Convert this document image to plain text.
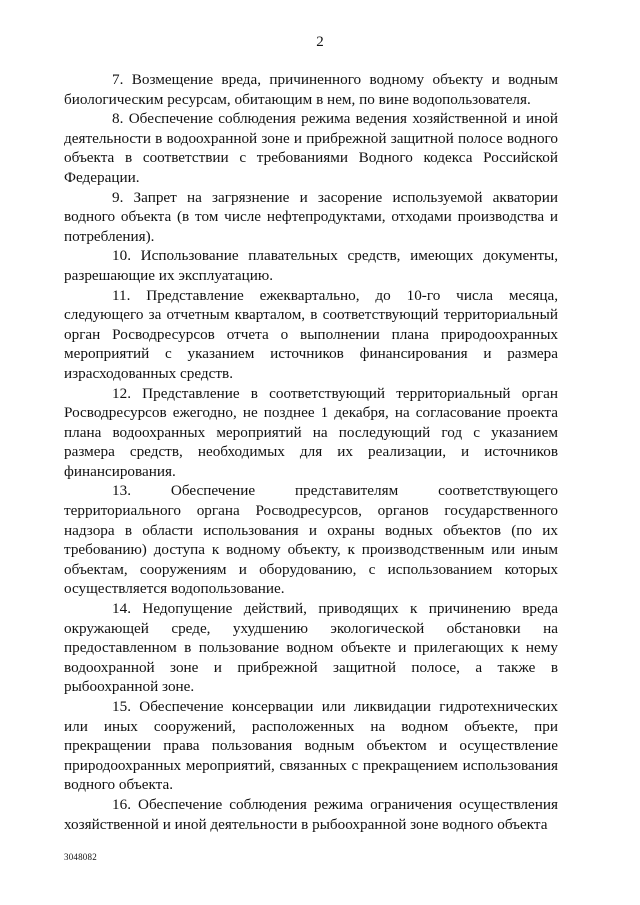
2

7. Возмещение вреда, причиненного водному объекту и водным биологическим ресурсам, обитающим в нем, по вине водопользователя.

8. Обеспечение соблюдения режима ведения хозяйственной и иной деятельности в водоохранной зоне и прибрежной защитной полосе водного объекта в соответствии с требованиями Водного кодекса Российской Федерации.

9. Запрет на загрязнение и засорение используемой акватории водного объекта (в том числе нефтепродуктами, отходами производства и потребления).

10. Использование плавательных средств, имеющих документы, разрешающие их эксплуатацию.

11. Представление ежеквартально, до 10-го числа месяца, следующего за отчетным кварталом, в соответствующий территориальный орган Росводресурсов отчета о выполнении плана природоохранных мероприятий с указанием источников финансирования и размера израсходованных средств.

12. Представление в соответствующий территориальный орган Росводресурсов ежегодно, не позднее 1 декабря, на согласование проекта плана водоохранных мероприятий на последующий год с указанием размера средств, необходимых для их реализации, и источников финансирования.

13. Обеспечение представителям соответствующего территориального органа Росводресурсов, органов государственного надзора в области использования и охраны водных объектов (по их требованию) доступа к водному объекту, к производственным или иным объектам, сооружениям и оборудованию, с использованием которых осуществляется водопользование.

14. Недопущение действий, приводящих к причинению вреда окружающей среде, ухудшению экологической обстановки на предоставленном в пользование водном объекте и прилегающих к нему водоохранной зоне и прибрежной защитной полосе, а также в рыбоохранной зоне.

15. Обеспечение консервации или ликвидации гидротехнических или иных сооружений, расположенных на водном объекте, при прекращении права пользования водным объектом и осуществление природоохранных мероприятий, связанных с прекращением использования водного объекта.

16. Обеспечение соблюдения режима ограничения осуществления хозяйственной и иной деятельности в рыбоохранной зоне водного объекта

3048082
